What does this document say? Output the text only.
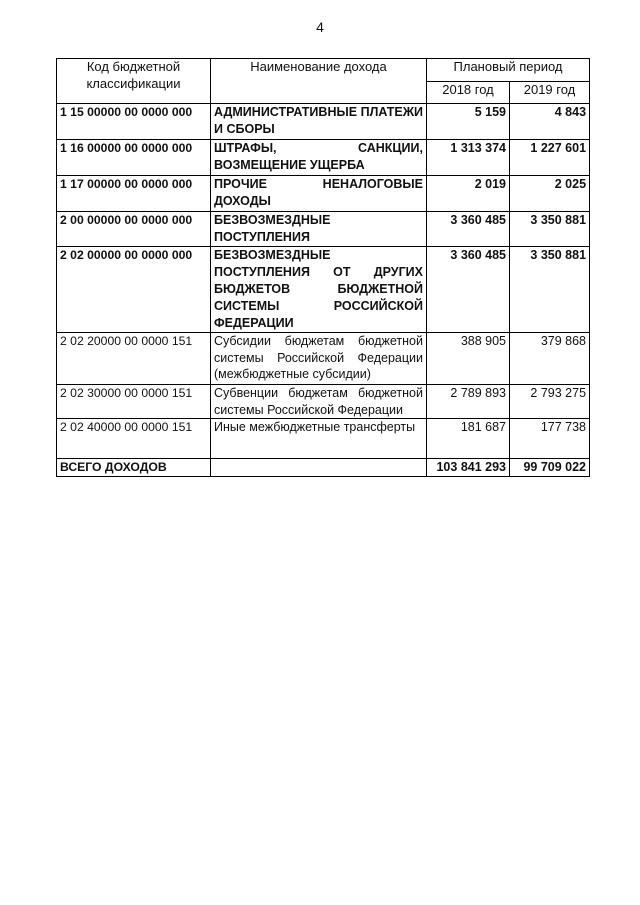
4
Код бюджетной классификации	Наименование дохода	Плановый период	
		2018 год	2019 год
1 15 00000 00 0000 000	АДМИНИСТРАТИВНЫЕ ПЛАТЕЖИ И СБОРЫ	5 159	4 843
1 16 00000 00 0000 000	ШТРАФЫ, САНКЦИИ, ВОЗМЕЩЕНИЕ УЩЕРБА	1 313 374	1 227 601
1 17 00000 00 0000 000	ПРОЧИЕ НЕНАЛОГОВЫЕ ДОХОДЫ	2 019	2 025
2 00 00000 00 0000 000	БЕЗВОЗМЕЗДНЫЕ ПОСТУПЛЕНИЯ	3 360 485	3 350 881
2 02 00000 00 0000 000	БЕЗВОЗМЕЗДНЫЕ ПОСТУПЛЕНИЯ ОТ ДРУГИХ БЮДЖЕТОВ БЮДЖЕТНОЙ СИСТЕМЫ РОССИЙСКОЙ ФЕДЕРАЦИИ	3 360 485	3 350 881
2 02 20000 00 0000 151	Субсидии бюджетам бюджетной системы Российской Федерации (межбюджетные субсидии)	388 905	379 868
2 02 30000 00 0000 151	Субвенции бюджетам бюджетной системы Российской Федерации	2 789 893	2 793 275
2 02 40000 00 0000 151	Иные межбюджетные трансферты	181 687	177 738
ВСЕГО ДОХОДОВ		103 841 293	99 709 022
